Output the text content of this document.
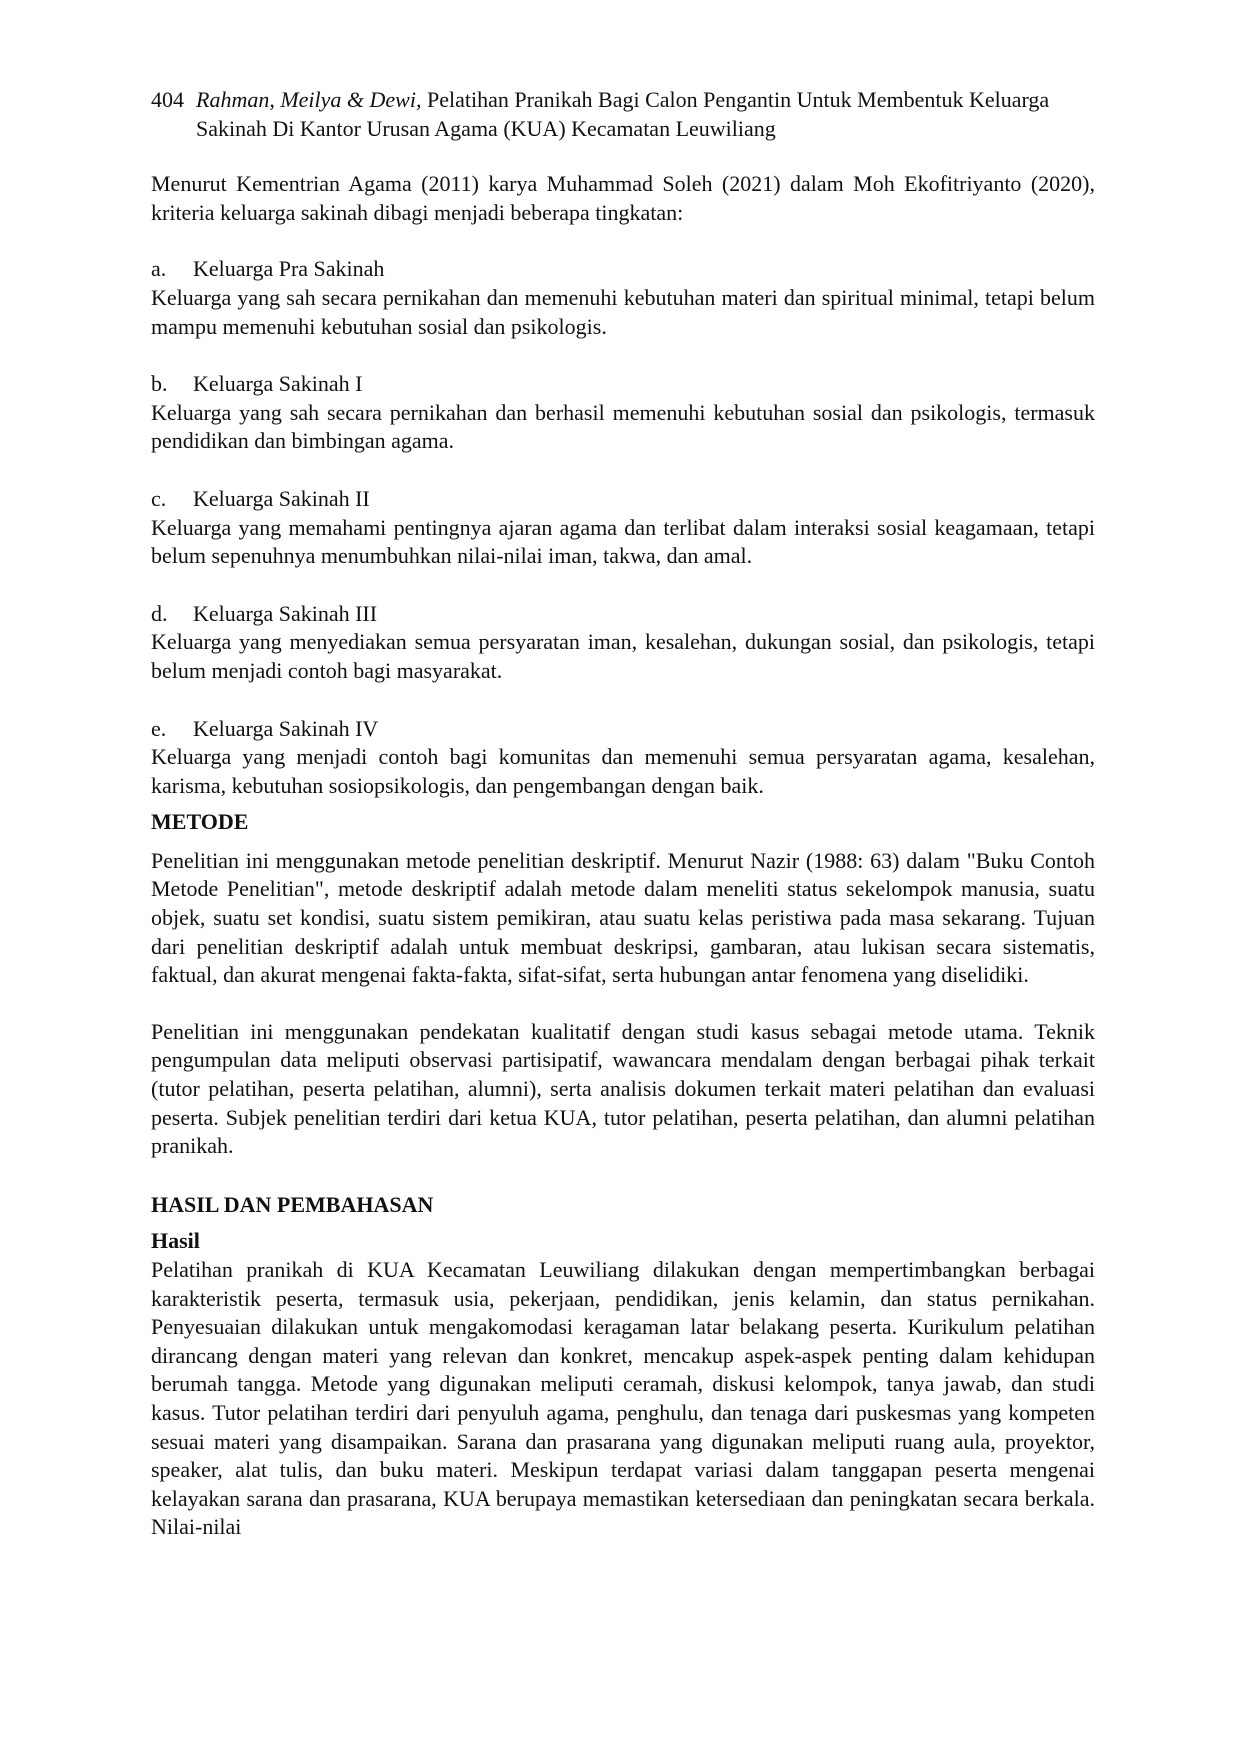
404 Rahman, Meilya & Dewi, Pelatihan Pranikah Bagi Calon Pengantin Untuk Membentuk Keluarga Sakinah Di Kantor Urusan Agama (KUA) Kecamatan Leuwiliang

Menurut Kementrian Agama (2011) karya Muhammad Soleh (2021) dalam Moh Ekofitriyanto (2020), kriteria keluarga sakinah dibagi menjadi beberapa tingkatan:

a.	Keluarga Pra Sakinah

Keluarga yang sah secara pernikahan dan memenuhi kebutuhan materi dan spiritual minimal, tetapi belum mampu memenuhi kebutuhan sosial dan psikologis.

b.	Keluarga Sakinah I

Keluarga yang sah secara pernikahan dan berhasil memenuhi kebutuhan sosial dan psikologis, termasuk pendidikan dan bimbingan agama.

c.	Keluarga Sakinah II

Keluarga yang memahami pentingnya ajaran agama dan terlibat dalam interaksi sosial keagamaan, tetapi belum sepenuhnya menumbuhkan nilai-nilai iman, takwa, dan amal.

d.	Keluarga Sakinah III

Keluarga yang menyediakan semua persyaratan iman, kesalehan, dukungan sosial, dan psikologis, tetapi belum menjadi contoh bagi masyarakat.

e.	Keluarga Sakinah IV

Keluarga yang menjadi contoh bagi komunitas dan memenuhi semua persyaratan agama, kesalehan, karisma, kebutuhan sosiopsikologis, dan pengembangan dengan baik.

METODE

Penelitian ini menggunakan metode penelitian deskriptif. Menurut Nazir (1988: 63) dalam "Buku Contoh Metode Penelitian", metode deskriptif adalah metode dalam meneliti status sekelompok manusia, suatu objek, suatu set kondisi, suatu sistem pemikiran, atau suatu kelas peristiwa pada masa sekarang. Tujuan dari penelitian deskriptif adalah untuk membuat deskripsi, gambaran, atau lukisan secara sistematis, faktual, dan akurat mengenai fakta-fakta, sifat-sifat, serta hubungan antar fenomena yang diselidiki.

Penelitian ini menggunakan pendekatan kualitatif dengan studi kasus sebagai metode utama. Teknik pengumpulan data meliputi observasi partisipatif, wawancara mendalam dengan berbagai pihak terkait (tutor pelatihan, peserta pelatihan, alumni), serta analisis dokumen terkait materi pelatihan dan evaluasi peserta. Subjek penelitian terdiri dari ketua KUA, tutor pelatihan, peserta pelatihan, dan alumni pelatihan pranikah.

HASIL DAN PEMBAHASAN
Hasil

Pelatihan pranikah di KUA Kecamatan Leuwiliang dilakukan dengan mempertimbangkan berbagai karakteristik peserta, termasuk usia, pekerjaan, pendidikan, jenis kelamin, dan status pernikahan. Penyesuaian dilakukan untuk mengakomodasi keragaman latar belakang peserta. Kurikulum pelatihan dirancang dengan materi yang relevan dan konkret, mencakup aspek-aspek penting dalam kehidupan berumah tangga. Metode yang digunakan meliputi ceramah, diskusi kelompok, tanya jawab, dan studi kasus. Tutor pelatihan terdiri dari penyuluh agama, penghulu, dan tenaga dari puskesmas yang kompeten sesuai materi yang disampaikan. Sarana dan prasarana yang digunakan meliputi ruang aula, proyektor, speaker, alat tulis, dan buku materi. Meskipun terdapat variasi dalam tanggapan peserta mengenai kelayakan sarana dan prasarana, KUA berupaya memastikan ketersediaan dan peningkatan secara berkala. Nilai-nilai
